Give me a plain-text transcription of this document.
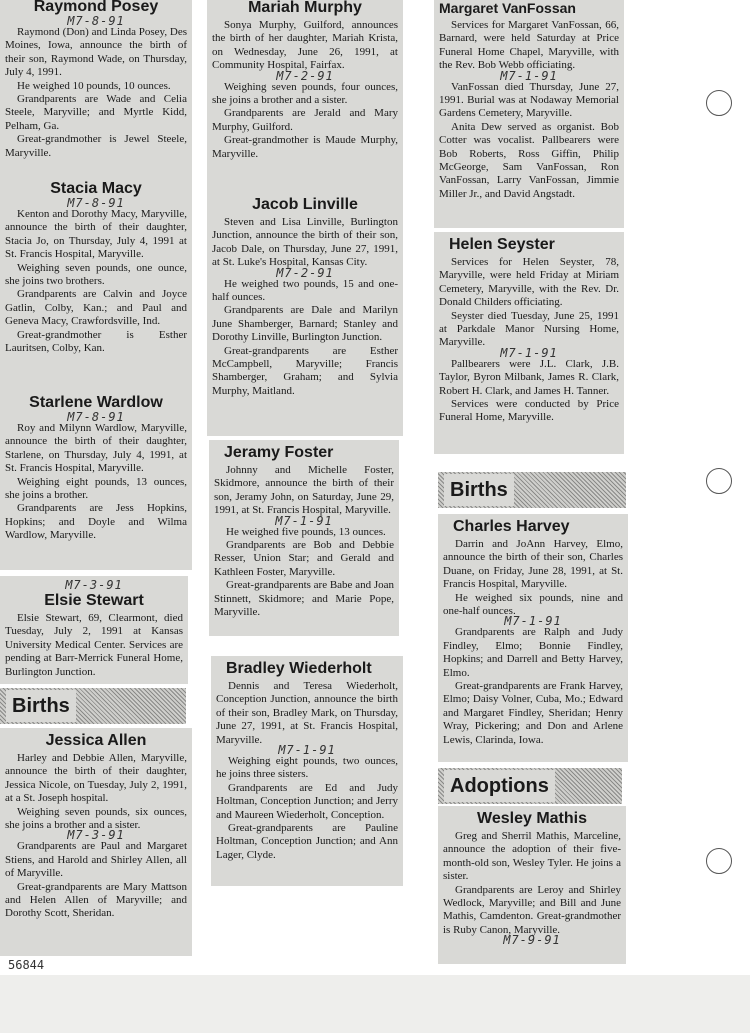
Raymond Posey
M7-8-91

Raymond (Don) and Linda Posey, Des Moines, Iowa, announce the birth of their son, Raymond Wade, on Thursday, July 4, 1991.

He weighed 10 pounds, 10 ounces.

Grandparents are Wade and Celia Steele, Maryville; and Myrtle Kidd, Pelham, Ga.

Great-grandmother is Jewel Steele, Maryville.

Stacia Macy
M7-8-91

Kenton and Dorothy Macy, Maryville, announce the birth of their daughter, Stacia Jo, on Thursday, July 4, 1991 at St. Francis Hospital, Maryville.

Weighing seven pounds, one ounce, she joins two brothers.

Grandparents are Calvin and Joyce Gatlin, Colby, Kan.; and Paul and Geneva Macy, Crawfordsville, Ind.

Great-grandmother is Esther Lauritsen, Colby, Kan.

Starlene Wardlow
M7-8-91

Roy and Milynn Wardlow, Maryville, announce the birth of their daughter, Starlene, on Thursday, July 4, 1991, at St. Francis Hospital, Maryville.

Weighing eight pounds, 13 ounces, she joins a brother.

Grandparents are Jess Hopkins, Hopkins; and Doyle and Wilma Wardlow, Maryville.

M7-3-91
Elsie Stewart

Elsie Stewart, 69, Clearmont, died Tuesday, July 2, 1991 at Kansas University Medical Center. Services are pending at Barr-Merrick Funeral Home, Burlington Junction.

Births
Jessica Allen

Harley and Debbie Allen, Maryville, announce the birth of their daughter, Jessica Nicole, on Tuesday, July 2, 1991, at a St. Joseph hospital.

Weighing seven pounds, six ounces, she joins a brother and a sister.

M7-3-91

Grandparents are Paul and Margaret Stiens, and Harold and Shirley Allen, all of Maryville.

Great-grandparents are Mary Mattson and Helen Allen of Maryville; and Dorothy Scott, Sheridan.

56844
Mariah Murphy

Sonya Murphy, Guilford, announces the birth of her daughter, Mariah Krista, on Wednesday, June 26, 1991, at Community Hospital, Fairfax.

M7-2-91

Weighing seven pounds, four ounces, she joins a brother and a sister.

Grandparents are Jerald and Mary Murphy, Guilford.

Great-grandmother is Maude Murphy, Maryville.

Jacob Linville

Steven and Lisa Linville, Burlington Junction, announce the birth of their son, Jacob Dale, on Thursday, June 27, 1991, at St. Luke's Hospital, Kansas City.

M7-2-91

He weighed two pounds, 15 and one-half ounces.

Grandparents are Dale and Marilyn June Shamberger, Barnard; Stanley and Dorothy Linville, Burlington Junction.

Great-grandparents are Esther McCampbell, Maryville; Francis Shamberger, Graham; and Sylvia Murphy, Maitland.

Jeramy Foster

Johnny and Michelle Foster, Skidmore, announce the birth of their son, Jeramy John, on Saturday, June 29, 1991, at St. Francis Hospital, Maryville.

M7-1-91

He weighed five pounds, 13 ounces.

Grandparents are Bob and Debbie Resser, Union Star; and Gerald and Kathleen Foster, Maryville.

Great-grandparents are Babe and Joan Stinnett, Skidmore; and Marie Pope, Maryville.

Bradley Wiederholt

Dennis and Teresa Wiederholt, Conception Junction, announce the birth of their son, Bradley Mark, on Thursday, June 27, 1991, at St. Francis Hospital, Maryville.

M7-1-91

Weighing eight pounds, two ounces, he joins three sisters.

Grandparents are Ed and Judy Holtman, Conception Junction; and Jerry and Maureen Wiederholt, Conception.

Great-grandparents are Pauline Holtman, Conception Junction; and Ann Lager, Clyde.

Margaret VanFossan

Services for Margaret VanFossan, 66, Barnard, were held Saturday at Price Funeral Home Chapel, Maryville, with the Rev. Bob Webb officiating.

M7-1-91

VanFossan died Thursday, June 27, 1991. Burial was at Nodaway Memorial Gardens Cemetery, Maryville.

Anita Dew served as organist. Bob Cotter was vocalist. Pallbearers were Bob Roberts, Ross Giffin, Philip McGeorge, Sam VanFossan, Ron VanFossan, Larry VanFossan, Jimmie Miller Jr., and David Angstadt.

Helen Seyster

Services for Helen Seyster, 78, Maryville, were held Friday at Miriam Cemetery, Maryville, with the Rev. Dr. Donald Childers officiating.

Seyster died Tuesday, June 25, 1991 at Parkdale Manor Nursing Home, Maryville.

M7-1-91

Pallbearers were J.L. Clark, J.B. Taylor, Byron Milbank, James R. Clark, Robert H. Clark, and James H. Tanner.

Services were conducted by Price Funeral Home, Maryville.

Births
Charles Harvey

Darrin and JoAnn Harvey, Elmo, announce the birth of their son, Charles Duane, on Friday, June 28, 1991, at St. Francis Hospital, Maryville.

He weighed six pounds, nine and one-half ounces.

M7-1-91

Grandparents are Ralph and Judy Findley, Elmo; Bonnie Findley, Hopkins; and Darrell and Betty Harvey, Elmo.

Great-grandparents are Frank Harvey, Elmo; Daisy Volner, Cuba, Mo.; Edward and Margaret Findley, Sheridan; Henry Wray, Pickering; and Don and Arlene Lewis, Clarinda, Iowa.

Adoptions
Wesley Mathis

Greg and Sherril Mathis, Marceline, announce the adoption of their five-month-old son, Wesley Tyler. He joins a sister.

Grandparents are Leroy and Shirley Wedlock, Maryville; and Bill and June Mathis, Camdenton. Great-grandmother is Ruby Canon, Maryville.

M7-9-91
